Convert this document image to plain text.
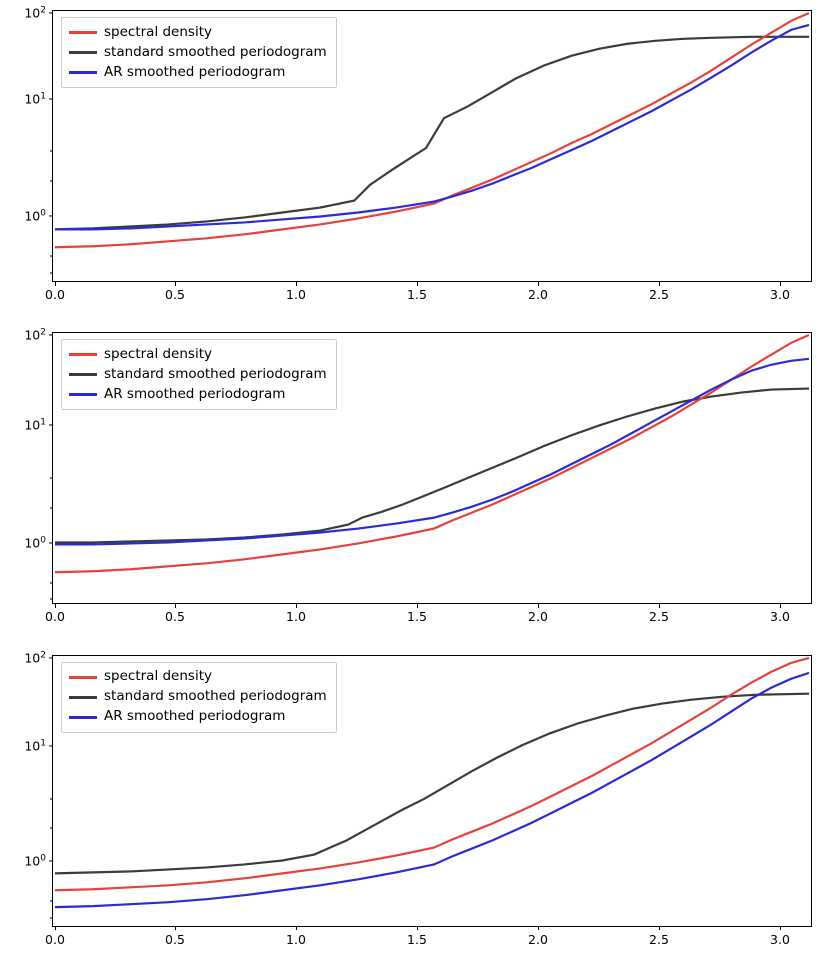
$10^2$
$10^1$
$10^0$
0.0	0.5	1.0	1.5	2.0	2.5	3.0
spectral density
standard smoothed periodogram
AR smoothed periodogram
$10^2$
$10^1$
$10^0$
0.0	0.5	1.0	1.5	2.0	2.5	3.0
spectral density
standard smoothed periodogram
AR smoothed periodogram
$10^2$
$10^1$
$10^0$
0.0	0.5	1.0	1.5	2.0	2.5	3.0
spectral density
standard smoothed periodogram
AR smoothed periodogram
